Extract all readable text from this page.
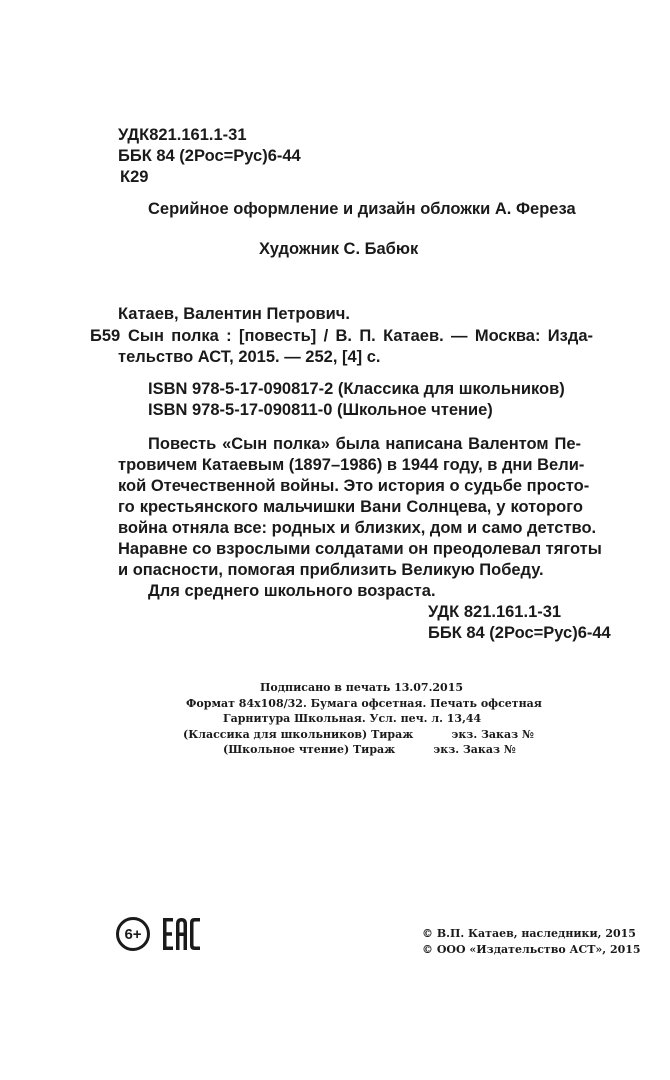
УДК821.161.1-31
ББК 84 (2Рос=Рус)6-44
К29
Серийное оформление и дизайн обложки А. Фереза
Художник С. Бабюк
Катаев, Валентин Петрович.
Б59 Сын полка : [повесть] / В. П. Катаев. — Москва: Изда-
тельство АСТ, 2015. — 252, [4] с.
ISBN 978-5-17-090817-2 (Классика для школьников)
ISBN 978-5-17-090811-0 (Школьное чтение)
Повесть «Сын полка» была написана Валентом Пе-
тровичем Катаевым (1897–1986) в 1944 году, в дни Вели-
кой Отечественной войны. Это история о судьбе просто-
го крестьянского мальчишки Вани Солнцева, у которого
война отняла все: родных и близких, дом и само детство.
Наравне со взрослыми солдатами он преодолевал тяготы
и опасности, помогая приблизить Великую Победу.
Для среднего школьного возраста.
УДК 821.161.1-31
ББК 84 (2Рос=Рус)6-44
Подписано в печать 13.07.2015
Формат 84x108/32. Бумага офсетная. Печать офсетная
Гарнитура Школьная. Усл. печ. л. 13,44
(Классика для школьников) Тираж          экз. Заказ №
(Школьное чтение) Тираж          экз. Заказ №
6+	© В.П. Катаев, наследники, 2015
© ООО «Издательство АСТ», 2015
